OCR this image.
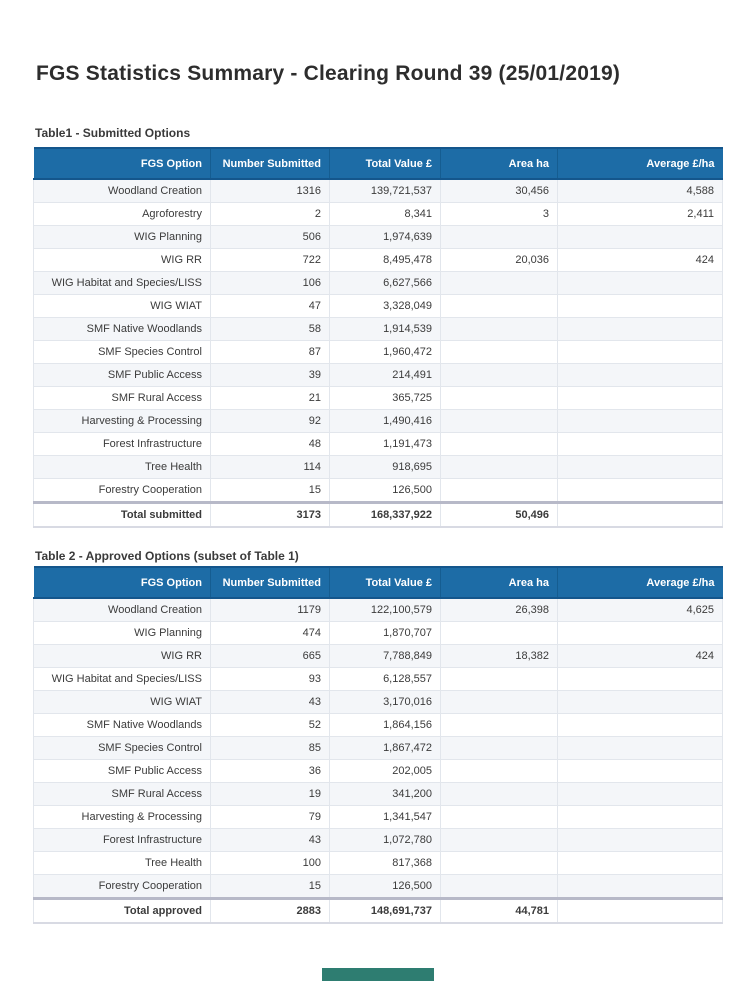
FGS Statistics Summary - Clearing Round 39 (25/01/2019)
Table1 - Submitted Options
FGS Option	Number Submitted	Total Value £	Area ha	Average £/ha
Woodland Creation	1316	139,721,537	30,456	4,588
Agroforestry	2	8,341	3	2,411
WIG Planning	506	1,974,639		
WIG RR	722	8,495,478	20,036	424
WIG Habitat and Species/LISS	106	6,627,566		
WIG WIAT	47	3,328,049		
SMF Native Woodlands	58	1,914,539		
SMF Species Control	87	1,960,472		
SMF Public Access	39	214,491		
SMF Rural Access	21	365,725		
Harvesting & Processing	92	1,490,416		
Forest Infrastructure	48	1,191,473		
Tree Health	114	918,695		
Forestry Cooperation	15	126,500		
Total submitted	3173	168,337,922	50,496	
Table 2 - Approved Options (subset of Table 1)
FGS Option	Number Submitted	Total Value £	Area ha	Average £/ha
Woodland Creation	1179	122,100,579	26,398	4,625
WIG Planning	474	1,870,707		
WIG RR	665	7,788,849	18,382	424
WIG Habitat and Species/LISS	93	6,128,557		
WIG WIAT	43	3,170,016		
SMF Native Woodlands	52	1,864,156		
SMF Species Control	85	1,867,472		
SMF Public Access	36	202,005		
SMF Rural Access	19	341,200		
Harvesting & Processing	79	1,341,547		
Forest Infrastructure	43	1,072,780		
Tree Health	100	817,368		
Forestry Cooperation	15	126,500		
Total approved	2883	148,691,737	44,781	
